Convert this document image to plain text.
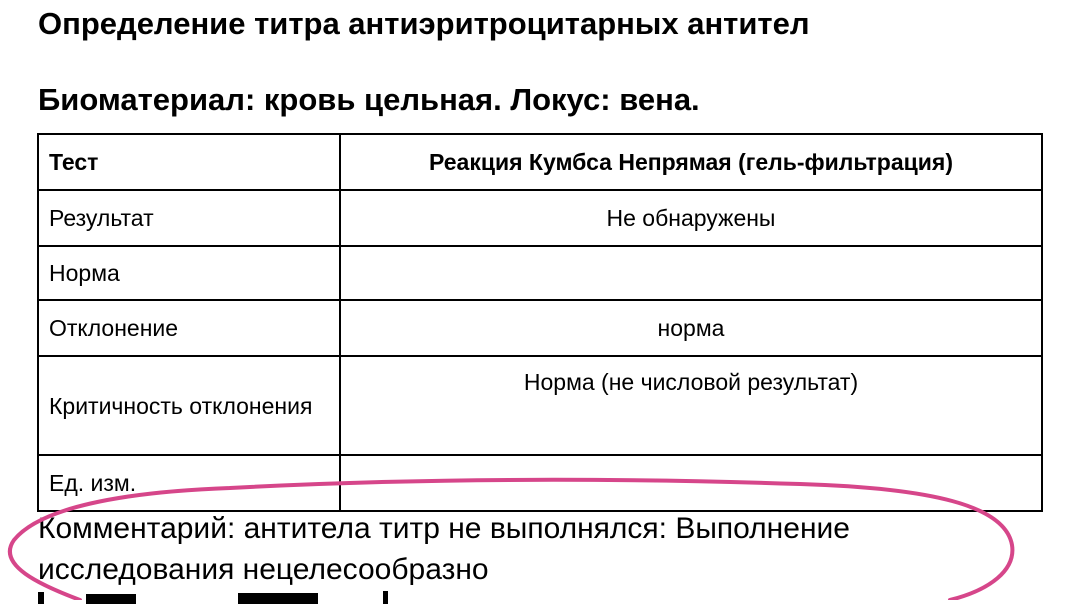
Определение титра антиэритроцитарных антител
Биоматериал: кровь цельная. Локус: вена.
Тест	Реакция Кумбса Непрямая (гель-фильтрация)
Результат	Не обнаружены
Норма	
Отклонение	норма
Критичность отклонения	Норма (не числовой результат)
Ед. изм.	
Комментарий: антитела титр не выполнялся: Выполнение исследования нецелесообразно
